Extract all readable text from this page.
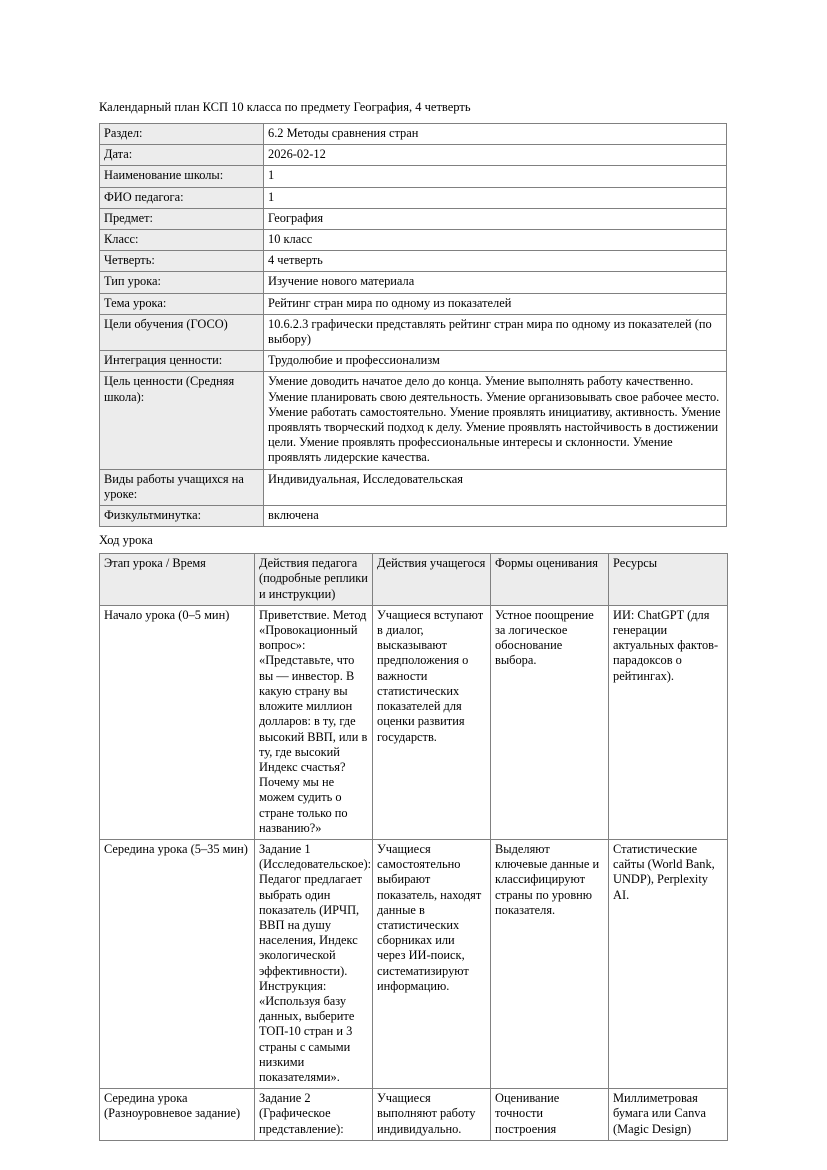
Календарный план КСП 10 класса по предмету География, 4 четверть
Раздел:	6.2 Методы сравнения стран
Дата:	2026-02-12
Наименование школы:	1
ФИО педагога:	1
Предмет:	География
Класс:	10 класс
Четверть:	4 четверть
Тип урока:	Изучение нового материала
Тема урока:	Рейтинг стран мира по одному из показателей
Цели обучения (ГОСО)	10.6.2.3 графически представлять рейтинг стран мира по одному из показателей (по выбору)
Интеграция ценности:	Трудолюбие и профессионализм
Цель ценности (Средняя школа):	Умение доводить начатое дело до конца. Умение выполнять работу качественно. Умение планировать свою деятельность. Умение организовывать свое рабочее место. Умение работать самостоятельно. Умение проявлять инициативу, активность. Умение проявлять творческий подход к делу. Умение проявлять настойчивость в достижении цели. Умение проявлять профессиональные интересы и склонности. Умение проявлять лидерские качества.
Виды работы учащихся на уроке:	Индивидуальная, Исследовательская
Физкультминутка:	включена
Ход урока
Этап урока / Время	Действия педагога (подробные реплики и инструкции)	Действия учащегося	Формы оценивания	Ресурсы
Начало урока (0–5 мин)	Приветствие. Метод «Провокационный вопрос»: «Представьте, что вы — инвестор. В какую страну вы вложите миллион долларов: в ту, где высокий ВВП, или в ту, где высокий Индекс счастья? Почему мы не можем судить о стране только по названию?»	Учащиеся вступают в диалог, высказывают предположения о важности статистических показателей для оценки развития государств.	Устное поощрение за логическое обоснование выбора.	ИИ: ChatGPT (для генерации актуальных фактов-парадоксов о рейтингах).
Середина урока (5–35 мин)	Задание 1 (Исследовательское): Педагог предлагает выбрать один показатель (ИРЧП, ВВП на душу населения, Индекс экологической эффективности). Инструкция: «Используя базу данных, выберите ТОП-10 стран и 3 страны с самыми низкими показателями».	Учащиеся самостоятельно выбирают показатель, находят данные в статистических сборниках или через ИИ-поиск, систематизируют информацию.	Выделяют ключевые данные и классифицируют страны по уровню показателя.	Статистические сайты (World Bank, UNDP), Perplexity AI.
Середина урока (Разноуровневое задание)	Задание 2 (Графическое представление):	Учащиеся выполняют работу индивидуально.	Оценивание точности построения	Миллиметровая бумага или Canva (Magic Design)
